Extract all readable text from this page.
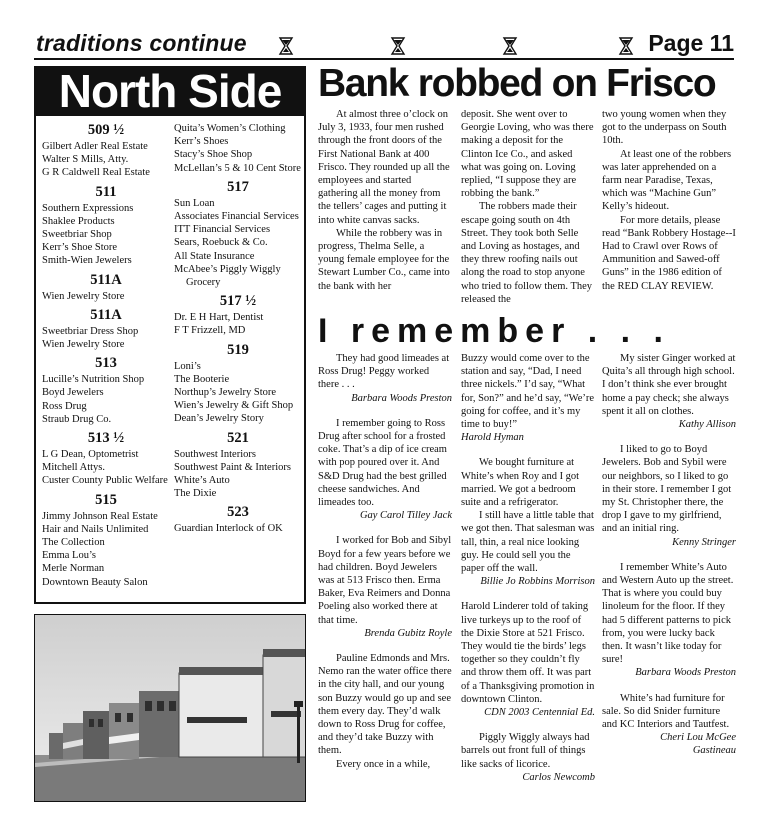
traditions continue	Page 11
North Side
509 ½
Gilbert Adler Real Estate
Walter S Mills, Atty.
G R Caldwell Real Estate
511
Southern Expressions
Shaklee Products
Sweetbriar Shop
Kerr’s Shoe Store
Smith-Wien Jewelers
511A
Wien Jewelry Store
511A
Sweetbriar Dress Shop
Wien Jewelry Store
513
Lucille’s Nutrition Shop
Boyd Jewelers
Ross Drug
Straub Drug Co.
513 ½
L G Dean, Optometrist
Mitchell Attys.
Custer County Public Welfare
515
Jimmy Johnson Real Estate
Hair and Nails Unlimited
The Collection
Emma Lou’s
Merle Norman
Downtown Beauty Salon
Quita’s Women’s Clothing
Kerr’s Shoes
Stacy’s Shoe Shop
McLellan’s 5 & 10 Cent Store
517
Sun Loan
Associates Financial Services
ITT Financial Services
Sears, Roebuck & Co.
All State Insurance
McAbee’s Piggly Wiggly Grocery
517 ½
Dr. E H Hart, Dentist
F T Frizzell, MD
519
Loni’s
The Booterie
Northup’s Jewelry Store
Wien’s Jewelry & Gift Shop
Dean’s Jewelry Story
521
Southwest Interiors
Southwest Paint & Interiors
White’s Auto
The Dixie
523
Guardian Interlock of OK
Bank robbed on Frisco

At almost three o’clock on July 3, 1933, four men rushed through the front doors of the First National Bank at 400 Frisco. They rounded up all the employees and started gathering all the money from the tellers’ cages and putting it into white canvas sacks.

While the robbery was in progress, Thelma Selle, a young female employee for the Stewart Lumber Co., came into the bank with her

deposit. She went over to Georgie Loving, who was there making a deposit for the Clinton Ice Co., and asked what was going on. Loving replied, “I suppose they are robbing the bank.”

The robbers made their escape going south on 4th Street. They took both Selle and Loving as hostages, and they threw roofing nails out along the road to stop anyone who tried to follow them. They released the

two young women when they got to the underpass on South 10th.

At least one of the robbers was later apprehended on a farm near Paradise, Texas, which was “Machine Gun” Kelly’s hideout.

For more details, please read “Bank Robbery Hostage--I Had to Crawl over Rows of Ammunition and Sawed-off Guns” in the 1986 edition of the RED CLAY REVIEW.

I remember . . .

They had good limeades at Ross Drug! Peggy worked there . . .

Barbara Woods Preston

I remember going to Ross Drug after school for a frosted coke. That’s a dip of ice cream with pop poured over it. And S&D Drug had the best grilled cheese sandwiches. And limeades too.

Gay Carol Tilley Jack

I worked for Bob and Sibyl Boyd for a few years before we had children. Boyd Jewelers was at 513 Frisco then. Erma Baker, Eva Reimers and Donna Poeling also worked there at that time.

Brenda Gubitz Royle

Pauline Edmonds and Mrs. Nemo ran the water office there in the city hall, and our young son Buzzy would go up and see them every day. They’d walk down to Ross Drug for coffee, and they’d take Buzzy with them.

Every once in a while,

Buzzy would come over to the station and say, “Dad, I need three nickels.” I’d say, “What for, Son?” and he’d say, “We’re going for coffee, and it’s my time to buy!”

Harold Hyman

We bought furniture at White’s when Roy and I got married. We got a bedroom suite and a refrigerator.

I still have a little table that we got then. That salesman was tall, thin, a real nice looking guy. He could sell you the paper off the wall.

Billie Jo Robbins Morrison

Harold Linderer told of taking live turkeys up to the roof of the Dixie Store at 521 Frisco. They would tie the birds’ legs together so they couldn’t fly and throw them off. It was part of a Thanksgiving promotion in downtown Clinton.

CDN 2003 Centennial Ed.

Piggly Wiggly always had barrels out front full of things like sacks of licorice.

Carlos Newcomb

My sister Ginger worked at Quita’s all through high school. I don’t think she ever brought home a pay check; she always spent it all on clothes.

Kathy Allison

I liked to go to Boyd Jewelers. Bob and Sybil were our neighbors, so I liked to go in their store. I remember I got my St. Christopher there, the drop I gave to my girlfriend, and an initial ring.

Kenny Stringer

I remember White’s Auto and Western Auto up the street. That is where you could buy linoleum for the floor. If they had 5 different patterns to pick from, you were lucky back then. It wasn’t like today for sure!

Barbara Woods Preston

White’s had furniture for sale. So did Snider furniture and KC Interiors and Tautfest.

Cheri Lou McGee

Gastineau
